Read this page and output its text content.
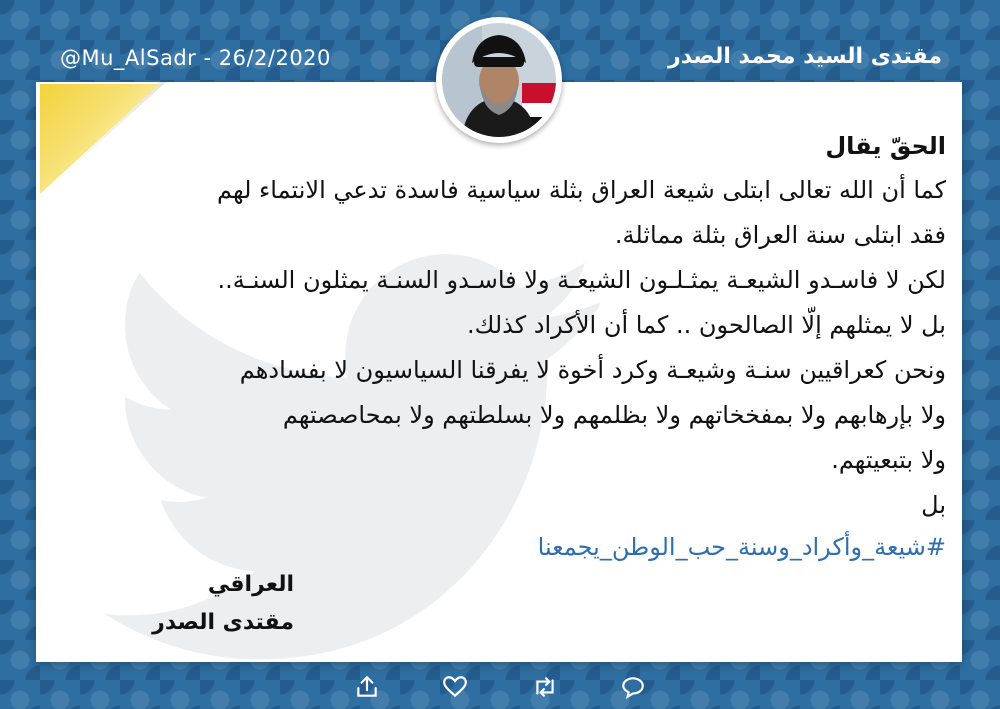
@Mu_AlSadr - 26/2/2020	مقتدى السيد محمد الصدر

الحقّ يقال

كما أن الله تعالى ابتلى شيعة العراق بثلة سياسية فاسدة تدعي الانتماء لهم

فقد ابتلى سنة العراق بثلة مماثلة.

لكن لا فاسـدو الشيعـة يمثـلـون الشيعـة ولا فاسـدو السنـة يمثلون السنـة..

بل لا يمثلهم إلّا الصالحون .. كما أن الأكراد كذلك.

ونحن كعراقيين سنـة وشيعـة وكرد أخوة لا يفرقنا السياسيون لا بفسادهم

ولا بإرهابهم ولا بمفخخاتهم ولا بظلمهم ولا بسلطتهم ولا بمحاصصتهم

ولا بتبعيتهم.

بل

#شيعة_وأكراد_وسنة_حب_الوطن_يجمعنا

العراقي
مقتدى الصدر
